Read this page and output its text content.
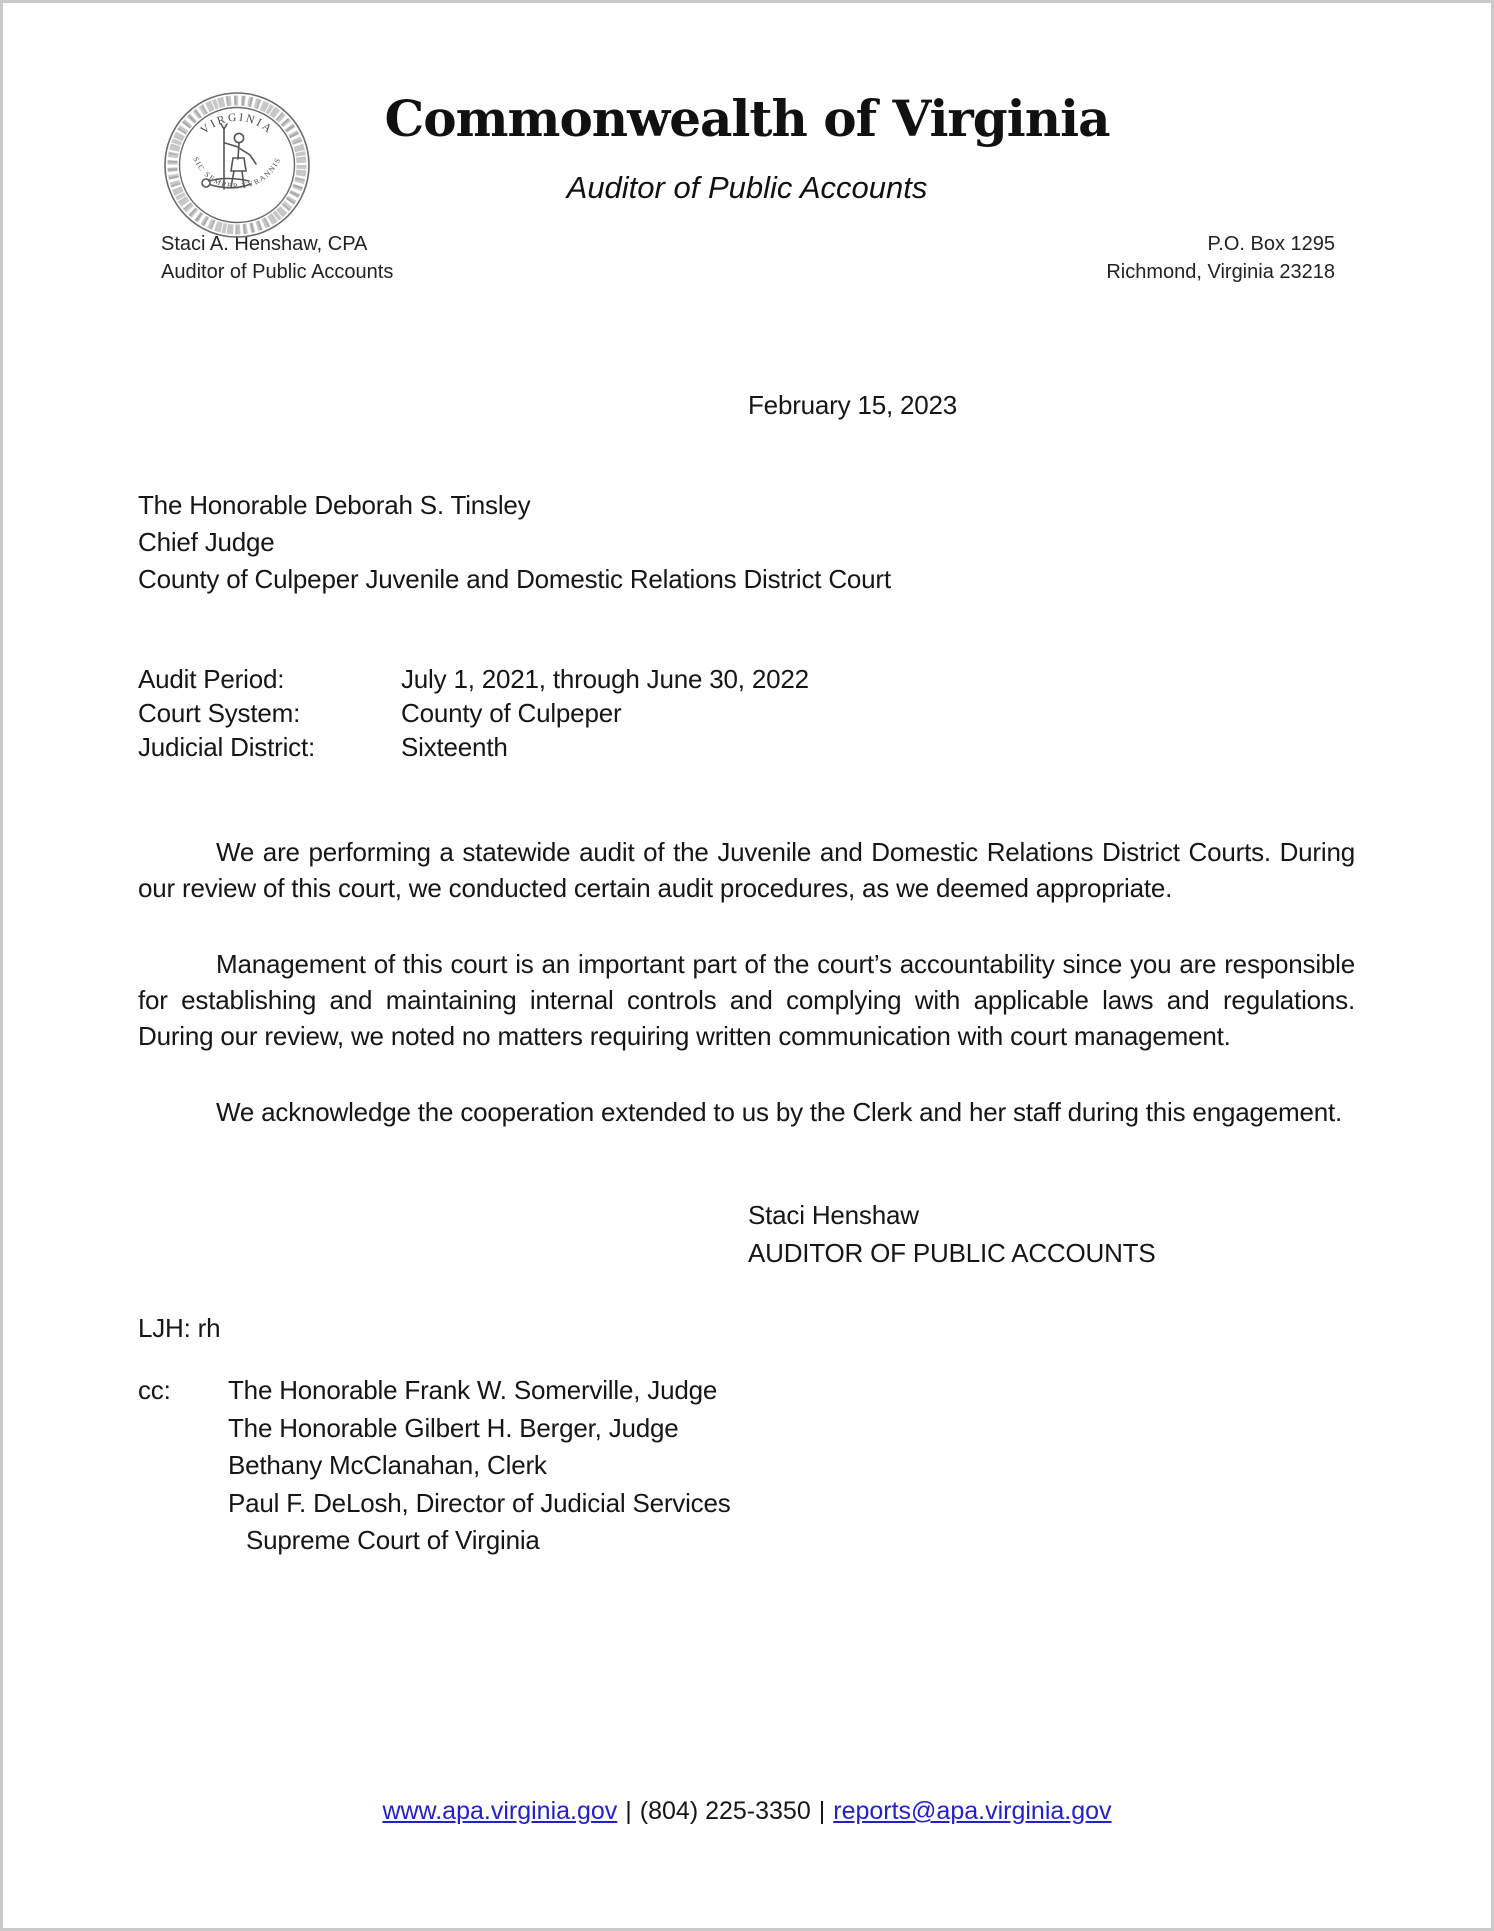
VIRGINIA
SIC SEMPER TYRANNIS
Commonwealth of Virginia
Auditor of Public Accounts
Staci A. Henshaw, CPA
Auditor of Public Accounts
P.O. Box 1295
Richmond, Virginia 23218
February 15, 2023
The Honorable Deborah S. Tinsley
Chief Judge
County of Culpeper Juvenile and Domestic Relations District Court
Audit Period:	July 1, 2021, through June 30, 2022
Court System:	County of Culpeper
Judicial District:	Sixteenth

We are performing a statewide audit of the Juvenile and Domestic Relations District Courts. During our review of this court, we conducted certain audit procedures, as we deemed appropriate.

Management of this court is an important part of the court’s accountability since you are responsible for establishing and maintaining internal controls and complying with applicable laws and regulations. During our review, we noted no matters requiring written communication with court management.

We acknowledge the cooperation extended to us by the Clerk and her staff during this engagement.

Staci Henshaw
AUDITOR OF PUBLIC ACCOUNTS
LJH: rh
cc:	The Honorable Frank W. Somerville, Judge
The Honorable Gilbert H. Berger, Judge
Bethany McClanahan, Clerk
Paul F. DeLosh, Director of Judicial Services
Supreme Court of Virginia
www.apa.virginia.gov | (804) 225-3350 | reports@apa.virginia.gov
